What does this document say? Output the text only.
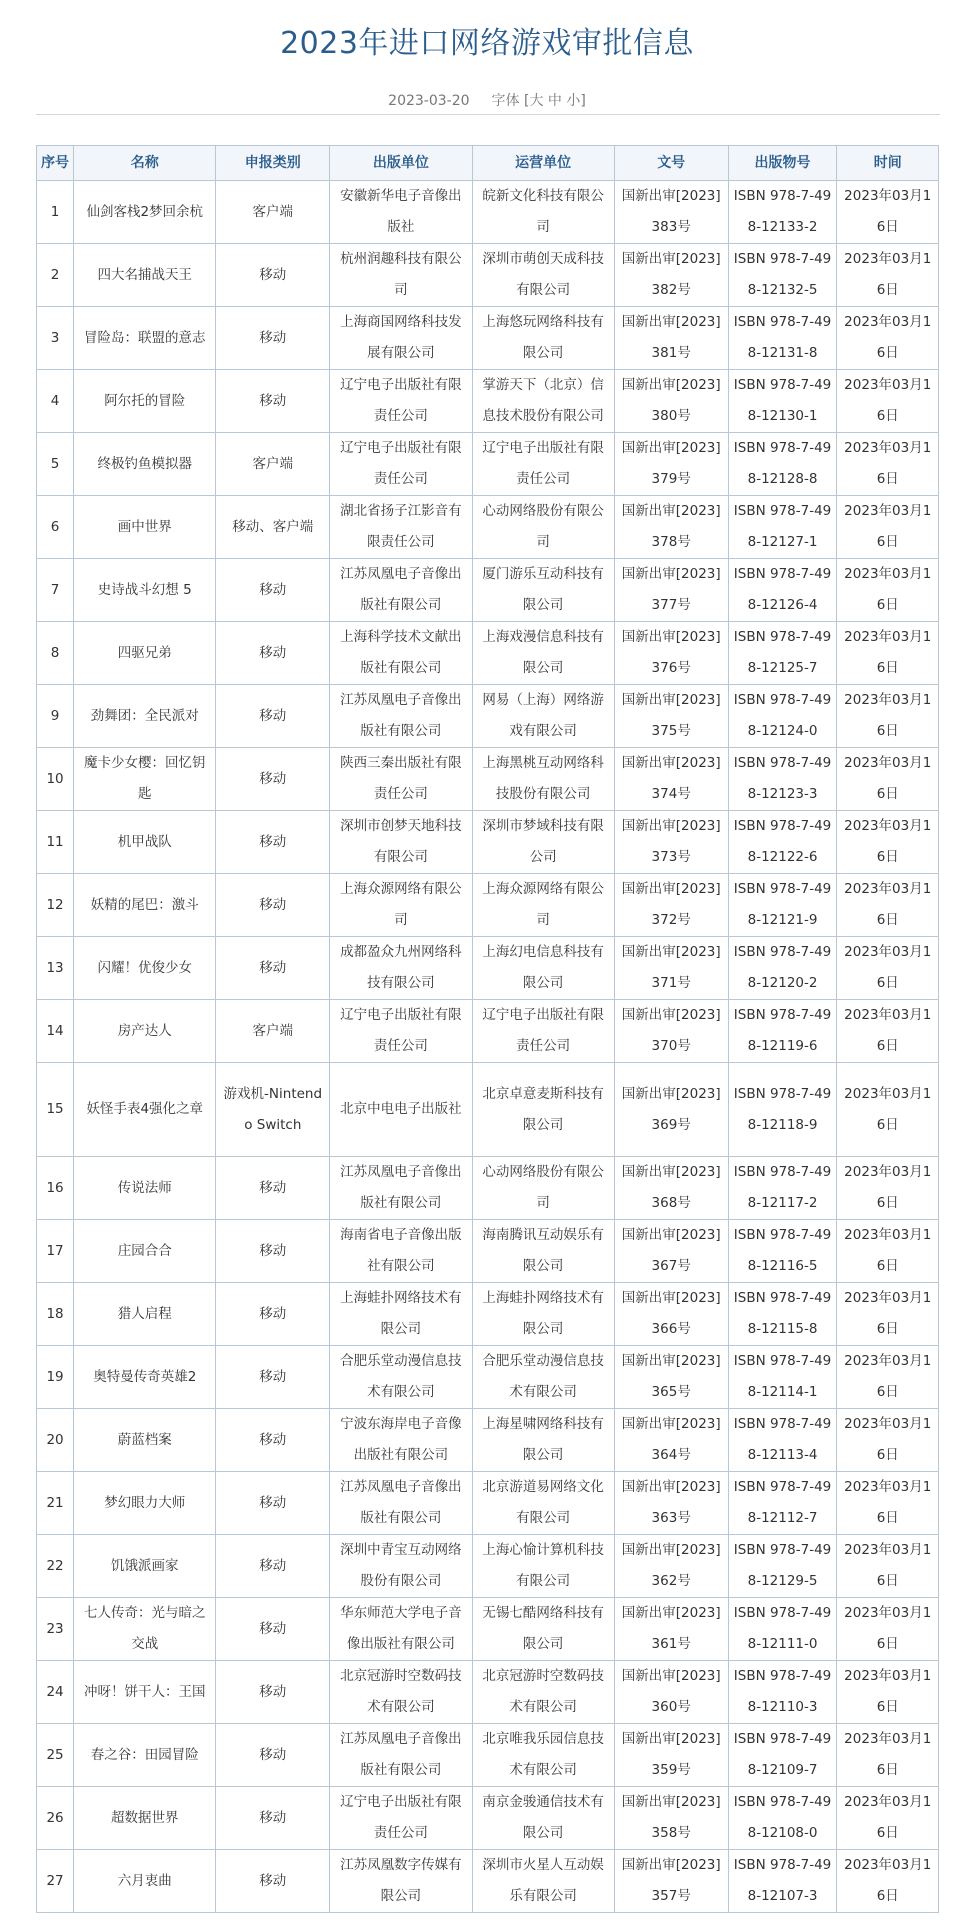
2023年进口网络游戏审批信息
2023-03-20 字体 [大 中 小]
序号	名称	申报类别	出版单位	运营单位	文号	出版物号	时间
1	仙剑客栈2梦回余杭	客户端	安徽新华电子音像出版社	皖新文化科技有限公司	国新出审[2023]383号	ISBN 978-7-498-12133-2	2023年03月16日
2	四大名捕战天王	移动	杭州润趣科技有限公司	深圳市萌创天成科技有限公司	国新出审[2023]382号	ISBN 978-7-498-12132-5	2023年03月16日
3	冒险岛：联盟的意志	移动	上海商国网络科技发展有限公司	上海悠玩网络科技有限公司	国新出审[2023]381号	ISBN 978-7-498-12131-8	2023年03月16日
4	阿尔托的冒险	移动	辽宁电子出版社有限责任公司	掌游天下（北京）信息技术股份有限公司	国新出审[2023]380号	ISBN 978-7-498-12130-1	2023年03月16日
5	终极钓鱼模拟器	客户端	辽宁电子出版社有限责任公司	辽宁电子出版社有限责任公司	国新出审[2023]379号	ISBN 978-7-498-12128-8	2023年03月16日
6	画中世界	移动、客户端	湖北省扬子江影音有限责任公司	心动网络股份有限公司	国新出审[2023]378号	ISBN 978-7-498-12127-1	2023年03月16日
7	史诗战斗幻想 5	移动	江苏凤凰电子音像出版社有限公司	厦门游乐互动科技有限公司	国新出审[2023]377号	ISBN 978-7-498-12126-4	2023年03月16日
8	四驱兄弟	移动	上海科学技术文献出版社有限公司	上海戏漫信息科技有限公司	国新出审[2023]376号	ISBN 978-7-498-12125-7	2023年03月16日
9	劲舞团：全民派对	移动	江苏凤凰电子音像出版社有限公司	网易（上海）网络游戏有限公司	国新出审[2023]375号	ISBN 978-7-498-12124-0	2023年03月16日
10	魔卡少女樱：回忆钥匙	移动	陕西三秦出版社有限责任公司	上海黑桃互动网络科技股份有限公司	国新出审[2023]374号	ISBN 978-7-498-12123-3	2023年03月16日
11	机甲战队	移动	深圳市创梦天地科技有限公司	深圳市梦域科技有限公司	国新出审[2023]373号	ISBN 978-7-498-12122-6	2023年03月16日
12	妖精的尾巴：激斗	移动	上海众源网络有限公司	上海众源网络有限公司	国新出审[2023]372号	ISBN 978-7-498-12121-9	2023年03月16日
13	闪耀！优俊少女	移动	成都盈众九州网络科技有限公司	上海幻电信息科技有限公司	国新出审[2023]371号	ISBN 978-7-498-12120-2	2023年03月16日
14	房产达人	客户端	辽宁电子出版社有限责任公司	辽宁电子出版社有限责任公司	国新出审[2023]370号	ISBN 978-7-498-12119-6	2023年03月16日
15	妖怪手表4强化之章	游戏机-Nintendo Switch	北京中电电子出版社	北京卓意麦斯科技有限公司	国新出审[2023]369号	ISBN 978-7-498-12118-9	2023年03月16日
16	传说法师	移动	江苏凤凰电子音像出版社有限公司	心动网络股份有限公司	国新出审[2023]368号	ISBN 978-7-498-12117-2	2023年03月16日
17	庄园合合	移动	海南省电子音像出版社有限公司	海南腾讯互动娱乐有限公司	国新出审[2023]367号	ISBN 978-7-498-12116-5	2023年03月16日
18	猎人启程	移动	上海蛙扑网络技术有限公司	上海蛙扑网络技术有限公司	国新出审[2023]366号	ISBN 978-7-498-12115-8	2023年03月16日
19	奥特曼传奇英雄2	移动	合肥乐堂动漫信息技术有限公司	合肥乐堂动漫信息技术有限公司	国新出审[2023]365号	ISBN 978-7-498-12114-1	2023年03月16日
20	蔚蓝档案	移动	宁波东海岸电子音像出版社有限公司	上海星啸网络科技有限公司	国新出审[2023]364号	ISBN 978-7-498-12113-4	2023年03月16日
21	梦幻眼力大师	移动	江苏凤凰电子音像出版社有限公司	北京游道易网络文化有限公司	国新出审[2023]363号	ISBN 978-7-498-12112-7	2023年03月16日
22	饥饿派画家	移动	深圳中青宝互动网络股份有限公司	上海心愉计算机科技有限公司	国新出审[2023]362号	ISBN 978-7-498-12129-5	2023年03月16日
23	七人传奇：光与暗之交战	移动	华东师范大学电子音像出版社有限公司	无锡七酷网络科技有限公司	国新出审[2023]361号	ISBN 978-7-498-12111-0	2023年03月16日
24	冲呀！饼干人：王国	移动	北京冠游时空数码技术有限公司	北京冠游时空数码技术有限公司	国新出审[2023]360号	ISBN 978-7-498-12110-3	2023年03月16日
25	春之谷：田园冒险	移动	江苏凤凰电子音像出版社有限公司	北京唯我乐园信息技术有限公司	国新出审[2023]359号	ISBN 978-7-498-12109-7	2023年03月16日
26	超数据世界	移动	辽宁电子出版社有限责任公司	南京金骏通信技术有限公司	国新出审[2023]358号	ISBN 978-7-498-12108-0	2023年03月16日
27	六月衷曲	移动	江苏凤凰数字传媒有限公司	深圳市火星人互动娱乐有限公司	国新出审[2023]357号	ISBN 978-7-498-12107-3	2023年03月16日
